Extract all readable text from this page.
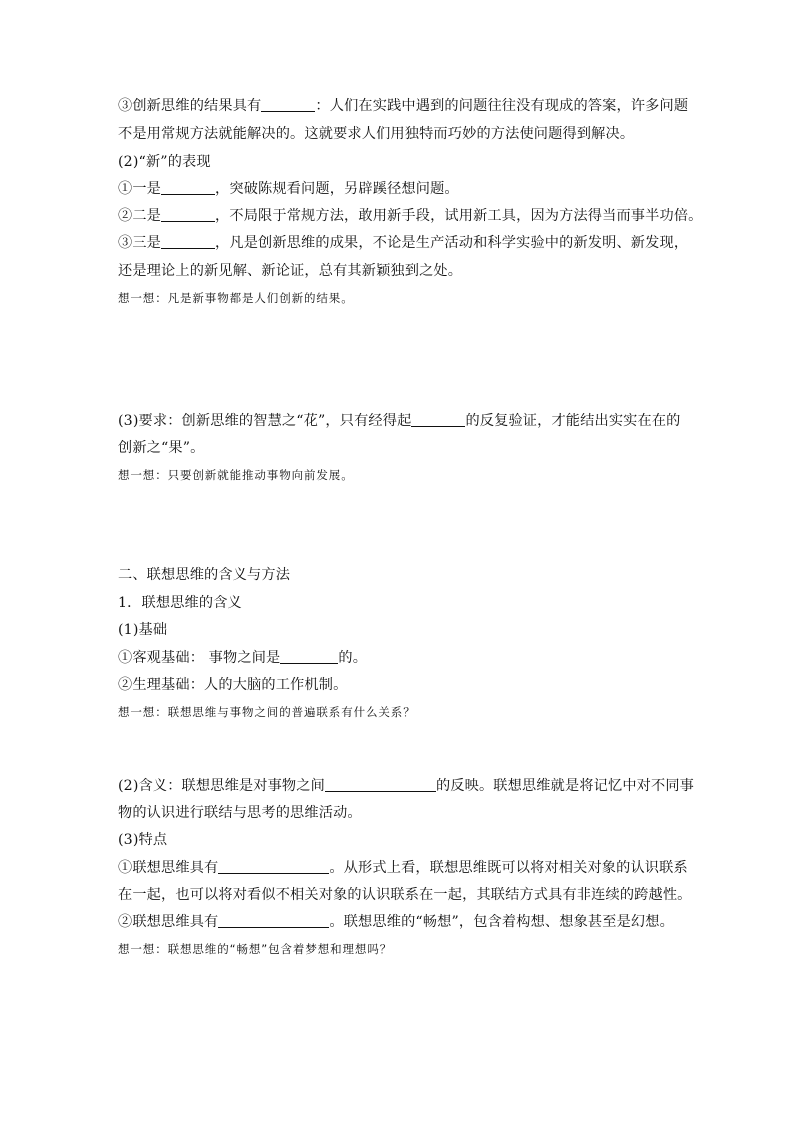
③创新思维的结果具有	：人们在实践中遇到的问题往往没有现成的答案，许多问题
不是用常规方法就能解决的。这就要求人们用独特而巧妙的方法使问题得到解决。
(2)“新”的表现
①一是	，突破陈规看问题，另辟蹊径想问题。
②二是	，不局限于常规方法，敢用新手段，试用新工具，因为方法得当而事半功倍。
③三是	，凡是创新思维的成果，不论是生产活动和科学实验中的新发明、新发现，
还是理论上的新见解、新论证，总有其新颖独到之处。
想一想：凡是新事物都是人们创新的结果。
(3)要求：创新思维的智慧之“花”，只有经得起	的反复验证，才能结出实实在在的
创新之“果”。
想一想：只要创新就能推动事物向前发展。
二、联想思维的含义与方法
1．联想思维的含义
(1)基础
①客观基础： 事物之间是	的。
②生理基础：人的大脑的工作机制。
想一想：联想思维与事物之间的普遍联系有什么关系？
(2)含义：联想思维是对事物之间	的反映。联想思维就是将记忆中对不同事
物的认识进行联结与思考的思维活动。
(3)特点
①联想思维具有	。从形式上看，联想思维既可以将对相关对象的认识联系
在一起，也可以将对看似不相关对象的认识联系在一起，其联结方式具有非连续的跨越性。
②联想思维具有	。联想思维的“畅想”，包含着构想、想象甚至是幻想。
想一想：联想思维的“畅想”包含着梦想和理想吗？
